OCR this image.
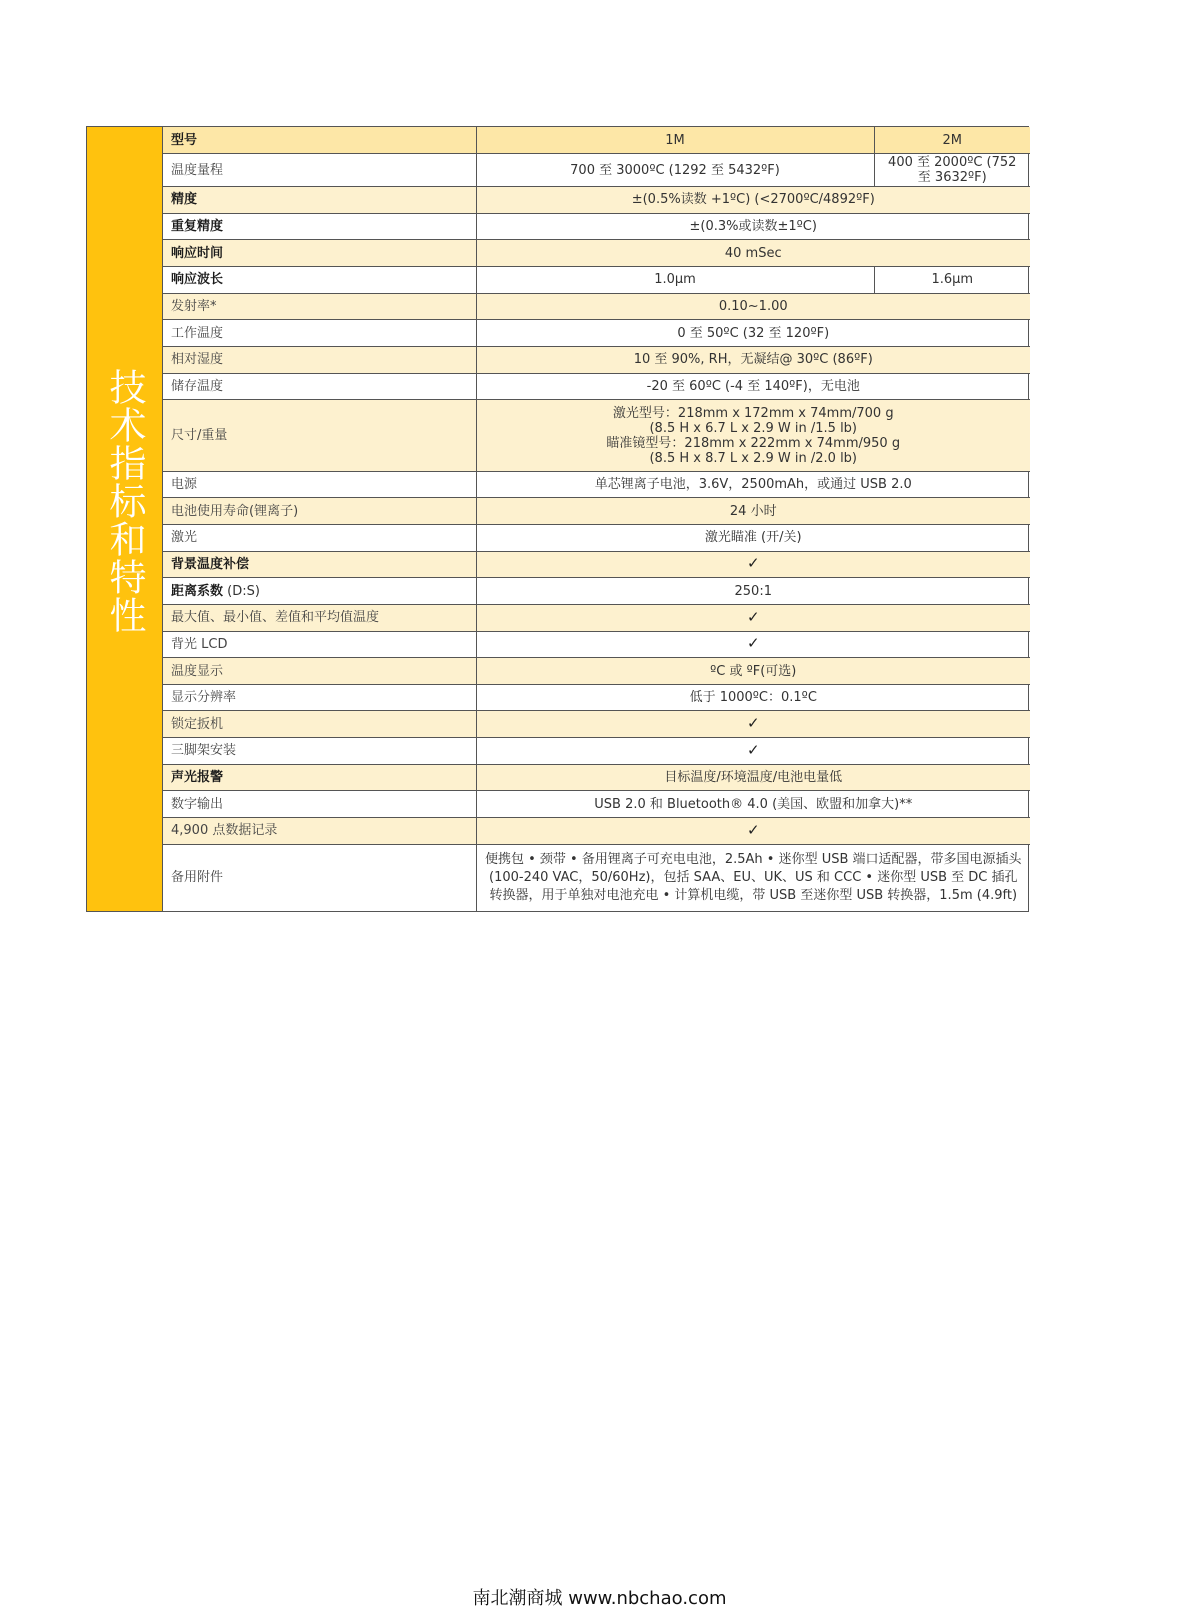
技术指标和特性
型号	1M	2M
温度量程	700 至 3000ºC (1292 至 5432ºF)	400 至 2000ºC (752 至 3632ºF)
精度	±(0.5%读数 +1ºC) (<2700ºC/4892ºF)	
重复精度	±(0.3%或读数±1ºC)	
响应时间	40 mSec	
响应波长	1.0µm	1.6µm
发射率*	0.10~1.00	
工作温度	0 至 50ºC (32 至 120ºF)	
相对湿度	10 至 90%, RH，无凝结@ 30ºC (86ºF)	
储存温度	-20 至 60ºC (-4 至 140ºF)，无电池	
尺寸/重量	激光型号：218mm x 172mm x 74mm/700 g
(8.5 H x 6.7 L x 2.9 W in /1.5 lb)
瞄准镜型号：218mm x 222mm x 74mm/950 g
(8.5 H x 8.7 L x 2.9 W in /2.0 lb)	

电源	单芯锂离子电池，3.6V，2500mAh，或通过 USB 2.0	
电池使用寿命(锂离子)	24 小时	
激光	激光瞄准 (开/关)	
背景温度补偿	✓	
距离系数 (D:S)	250:1	
最大值、最小值、差值和平均值温度	✓	
背光 LCD	✓	
温度显示	ºC 或 ºF(可选)	
显示分辨率	低于 1000ºC：0.1ºC	
锁定扳机	✓	
三脚架安装	✓	
声光报警	目标温度/环境温度/电池电量低	
数字输出	USB 2.0 和 Bluetooth® 4.0 (美国、欧盟和加拿大)**	
4,900 点数据记录	✓	
备用附件	便携包 • 颈带 • 备用锂离子可充电电池，2.5Ah • 迷你型 USB 端口适配器，带多国电源插头(100-240 VAC，50/60Hz)，包括 SAA、EU、UK、US 和 CCC • 迷你型 USB 至 DC 插孔转换器，用于单独对电池充电 • 计算机电缆，带 USB 至迷你型 USB 转换器，1.5m (4.9ft)	
南北潮商城 www.nbchao.com
